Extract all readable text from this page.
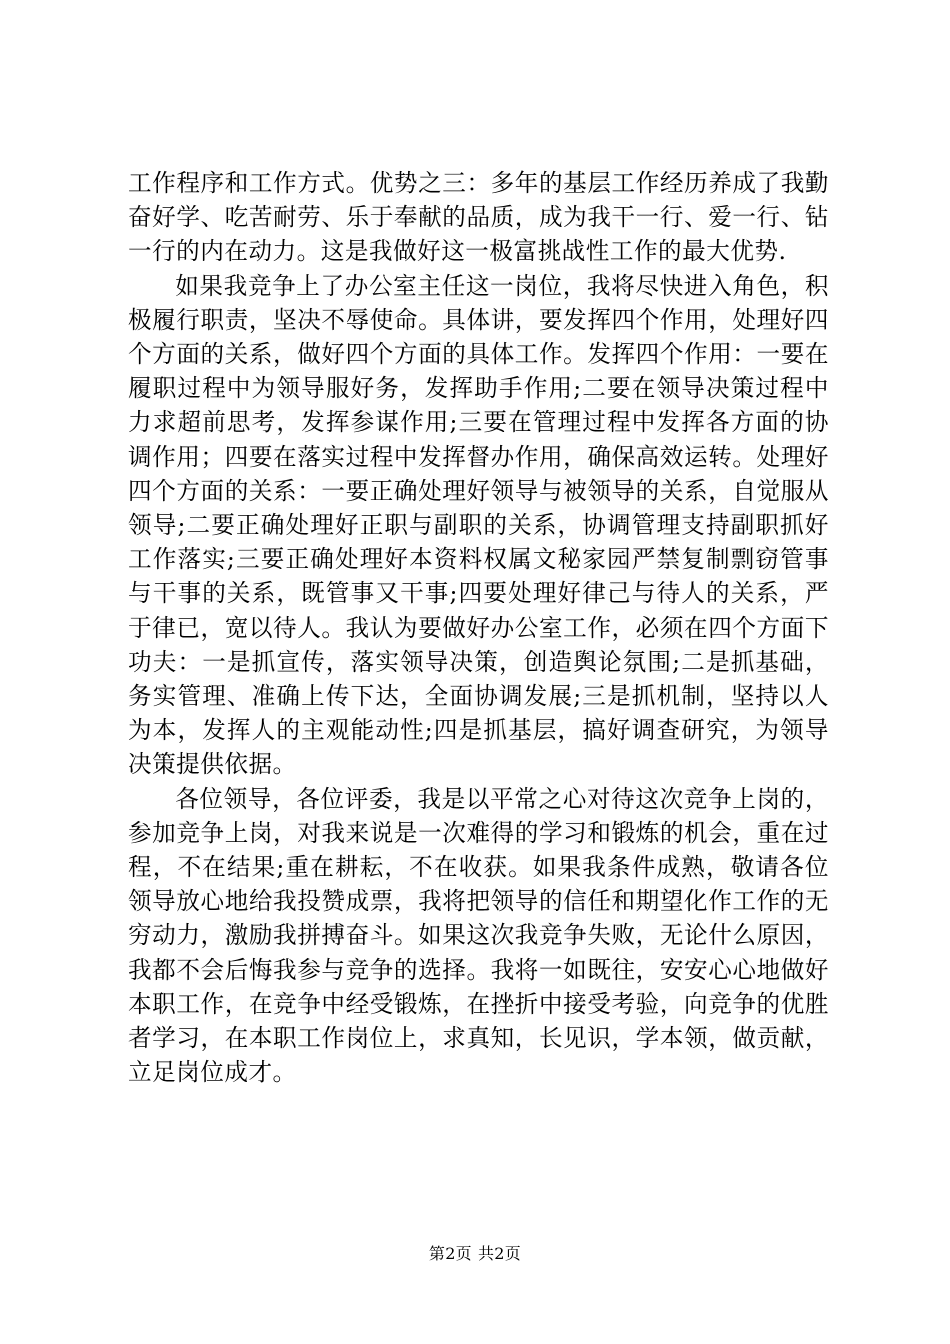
工作程序和工作方式。优势之三：多年的基层工作经历养成了我勤奋好学、吃苦耐劳、乐于奉献的品质，成为我干一行、爱一行、钻一行的内在动力。这是我做好这一极富挑战性工作的最大优势.

如果我竞争上了办公室主任这一岗位，我将尽快进入角色，积极履行职责，坚决不辱使命。具体讲，要发挥四个作用，处理好四个方面的关系，做好四个方面的具体工作。发挥四个作用：一要在履职过程中为领导服好务，发挥助手作用;二要在领导决策过程中力求超前思考，发挥参谋作用;三要在管理过程中发挥各方面的协调作用；四要在落实过程中发挥督办作用，确保高效运转。处理好四个方面的关系：一要正确处理好领导与被领导的关系，自觉服从领导;二要正确处理好正职与副职的关系，协调管理支持副职抓好工作落实;三要正确处理好本资料权属文秘家园严禁复制剽窃管事与干事的关系，既管事又干事;四要处理好律己与待人的关系，严于律已，宽以待人。我认为要做好办公室工作，必须在四个方面下功夫：一是抓宣传，落实领导决策，创造舆论氛围;二是抓基础，务实管理、准确上传下达，全面协调发展;三是抓机制，坚持以人为本，发挥人的主观能动性;四是抓基层，搞好调查研究，为领导决策提供依据。

各位领导，各位评委，我是以平常之心对待这次竞争上岗的，参加竞争上岗，对我来说是一次难得的学习和锻炼的机会，重在过程，不在结果;重在耕耘，不在收获。如果我条件成熟，敬请各位领导放心地给我投赞成票，我将把领导的信任和期望化作工作的无穷动力，激励我拼搏奋斗。如果这次我竞争失败，无论什么原因，我都不会后悔我参与竞争的选择。我将一如既往，安安心心地做好本职工作，在竞争中经受锻炼，在挫折中接受考验，向竞争的优胜者学习，在本职工作岗位上，求真知，长见识，学本领，做贡献，立足岗位成才。

第2页 共2页
